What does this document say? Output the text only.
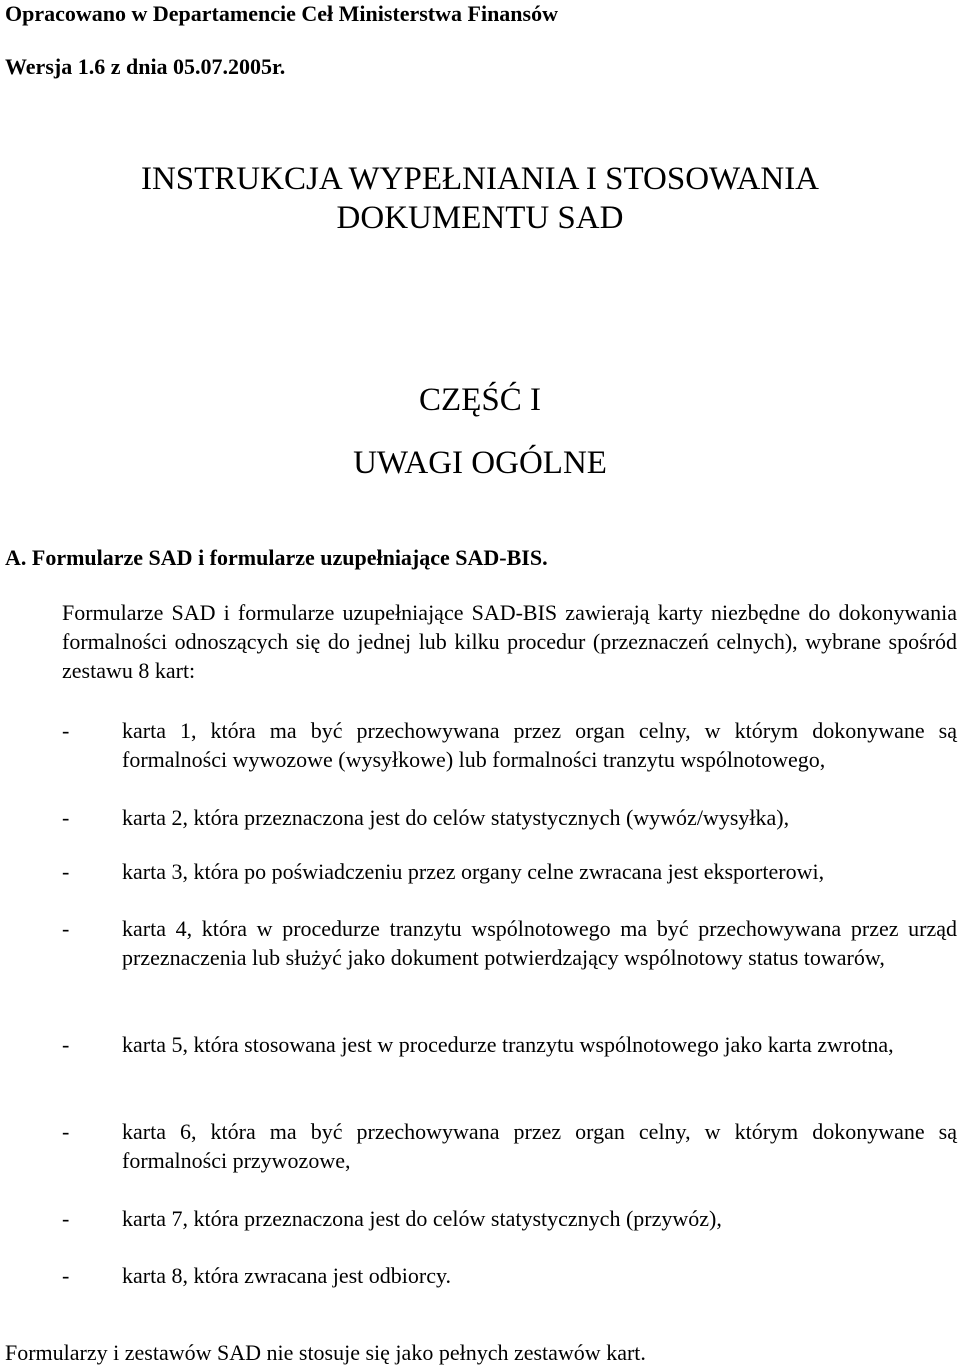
Opracowano w Departamencie Ceł Ministerstwa Finansów

Wersja 1.6 z dnia 05.07.2005r.

INSTRUKCJA WYPEŁNIANIA I STOSOWANIA

DOKUMENTU SAD

CZĘŚĆ I

UWAGI OGÓLNE

A. Formularze SAD i formularze uzupełniające SAD-BIS.

Formularze SAD i formularze uzupełniające SAD-BIS zawierają karty niezbędne do dokonywania formalności odnoszących się do jednej lub kilku procedur (przeznaczeń celnych), wybrane spośród zestawu 8 kart:

- karta 1, która ma być przechowywana przez organ celny, w którym dokonywane są formalności wywozowe (wysyłkowe) lub formalności tranzytu wspólnotowego,
- karta 2, która przeznaczona jest do celów statystycznych (wywóz/wysyłka),
- karta 3, która po poświadczeniu przez organy celne zwracana jest eksporterowi,
- karta 4, która w procedurze tranzytu wspólnotowego ma być przechowywana przez urząd przeznaczenia lub służyć jako dokument potwierdzający wspólnotowy status towarów,
- karta 5, która stosowana jest w procedurze tranzytu wspólnotowego jako karta zwrotna,
- karta 6, która ma być przechowywana przez organ celny, w którym dokonywane są formalności przywozowe,
- karta 7, która przeznaczona jest do celów statystycznych (przywóz),
- karta 8, która zwracana jest odbiorcy.

Formularzy i zestawów SAD nie stosuje się jako pełnych zestawów kart.
